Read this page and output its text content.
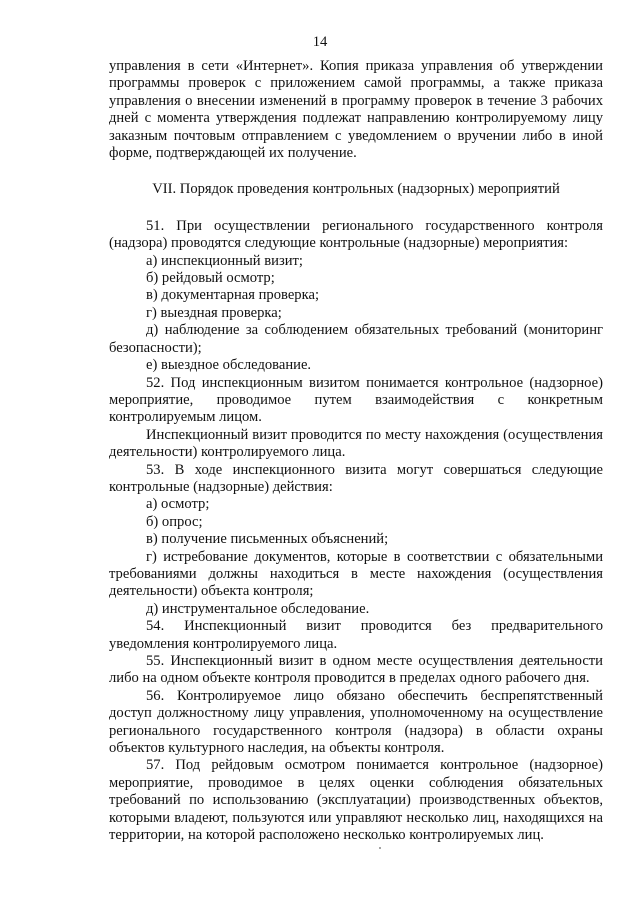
14

управления в сети «Интернет». Копия приказа управления об утверждении программы проверок с приложением самой программы, а также приказа управления о внесении изменений в программу проверок в течение 3 рабочих дней с момента утверждения подлежат направлению контролируемому лицу заказным почтовым отправлением с уведомлением о вручении либо в иной форме, подтверждающей их получение.

VII. Порядок проведения контрольных (надзорных) мероприятий

51. При осуществлении регионального государственного контроля (надзора) проводятся следующие контрольные (надзорные) мероприятия:

а) инспекционный визит;

б) рейдовый осмотр;

в) документарная проверка;

г) выездная проверка;

д) наблюдение за соблюдением обязательных требований (мониторинг безопасности);

е) выездное обследование.

52. Под инспекционным визитом понимается контрольное (надзорное) мероприятие, проводимое путем взаимодействия с конкретным контролируемым лицом.

Инспекционный визит проводится по месту нахождения (осуществления деятельности) контролируемого лица.

53. В ходе инспекционного визита могут совершаться следующие контрольные (надзорные) действия:

а) осмотр;

б) опрос;

в) получение письменных объяснений;

г) истребование документов, которые в соответствии с обязательными требованиями должны находиться в месте нахождения (осуществления деятельности) объекта контроля;

д) инструментальное обследование.

54. Инспекционный визит проводится без предварительного уведомления контролируемого лица.

55. Инспекционный визит в одном месте осуществления деятельности либо на одном объекте контроля проводится в пределах одного рабочего дня.

56. Контролируемое лицо обязано обеспечить беспрепятственный доступ должностному лицу управления, уполномоченному на осуществление регионального государственного контроля (надзора) в области охраны объектов культурного наследия, на объекты контроля.

57. Под рейдовым осмотром понимается контрольное (надзорное) мероприятие, проводимое в целях оценки соблюдения обязательных требований по использованию (эксплуатации) производственных объектов, которыми владеют, пользуются или управляют несколько лиц, находящихся на территории, на которой расположено несколько контролируемых лиц.
